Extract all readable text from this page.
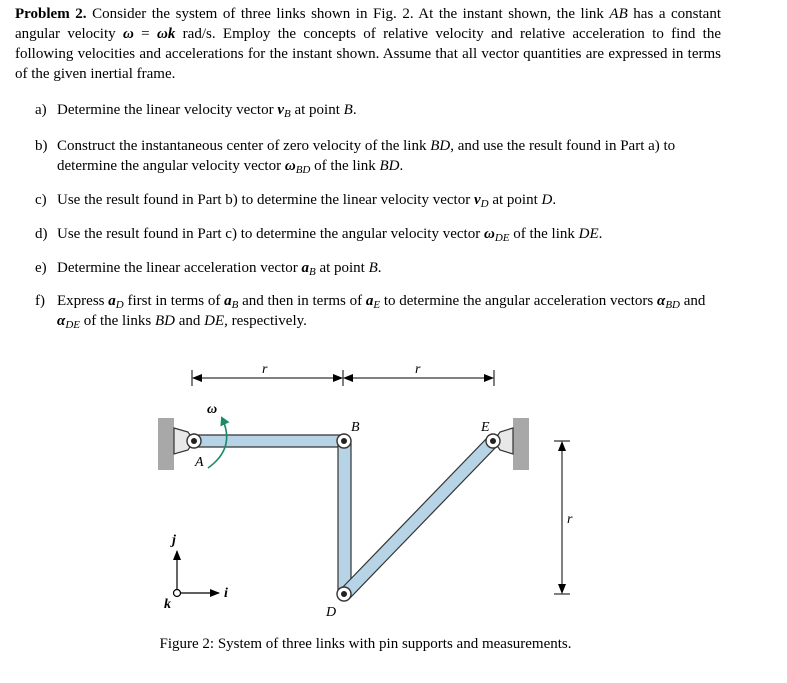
Problem 2. Consider the system of three links shown in Fig. 2. At the instant shown, the link AB has a constant angular velocity ω = ωk rad/s. Employ the concepts of relative velocity and relative acceleration to find the following velocities and accelerations for the instant shown. Assume that all vector quantities are expressed in terms of the given inertial frame.
a) Determine the linear velocity vector $v_B$ at point B.
b) Construct the instantaneous center of zero velocity of the link BD, and use the result found in Part a) to determine the angular velocity vector $\omega_{BD}$ of the link BD.
c) Use the result found in Part b) to determine the linear velocity vector $v_D$ at point D.
d) Use the result found in Part c) to determine the angular velocity vector $\omega_{DE}$ of the link DE.
e) Determine the linear acceleration vector $a_B$ at point B.
f) Express $a_D$ first in terms of $a_B$ and then in terms of $a_E$ to determine the angular acceleration vectors $\alpha_{BD}$ and $\alpha_{DE}$ of the links BD and DE, respectively.
r	r
r
ω
A
B
D
E
j
i
k
Figure 2: System of three links with pin supports and measurements.
